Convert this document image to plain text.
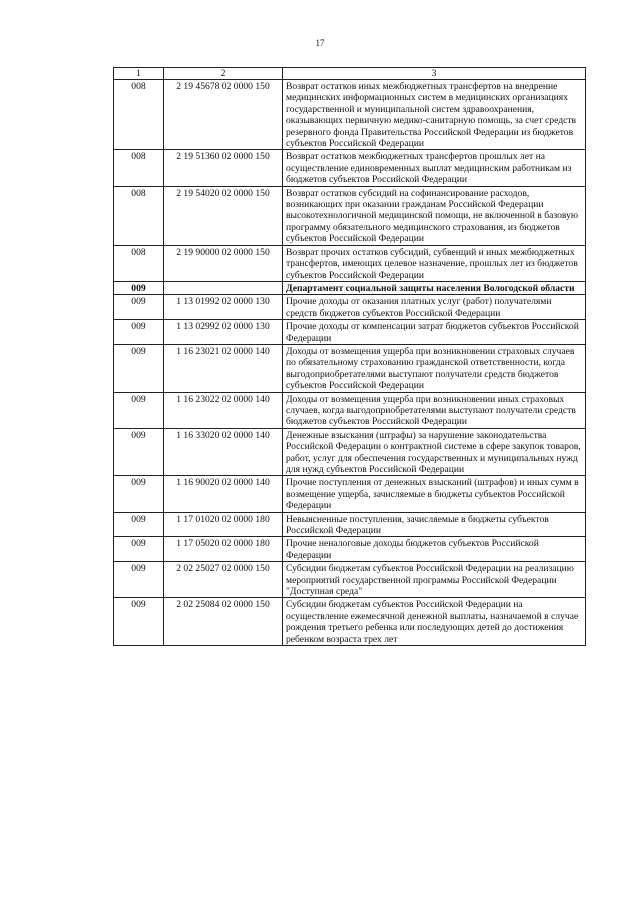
17
1	2	3
008	2 19 45678 02 0000 150	Возврат остатков иных межбюджетных трансфертов на внедрение медицинских информационных систем в медицинских организациях государственной и муниципальной систем здравоохранения, оказывающих первичную медико-санитарную помощь, за счет средств резервного фонда Правительства Российской Федерации из бюджетов субъектов Российской Федерации
008	2 19 51360 02 0000 150	Возврат остатков межбюджетных трансфертов прошлых лет на осуществление единовременных выплат медицинским работникам из бюджетов субъектов Российской Федерации
008	2 19 54020 02 0000 150	Возврат остатков субсидий на софинансирование расходов, возникающих при оказании гражданам Российской Федерации высокотехнологичной медицинской помощи, не включенной в базовую программу обязательного медицинского страхования, из бюджетов субъектов Российской Федерации
008	2 19 90000 02 0000 150	Возврат прочих остатков субсидий, субвенций и иных межбюджетных трансфертов, имеющих целевое назначение, прошлых лет из бюджетов субъектов Российской Федерации
009		Департамент социальной защиты населения Вологодской области
009	1 13 01992 02 0000 130	Прочие доходы от оказания платных услуг (работ) получателями средств бюджетов субъектов Российской Федерации
009	1 13 02992 02 0000 130	Прочие доходы от компенсации затрат бюджетов субъектов Российской Федерации
009	1 16 23021 02 0000 140	Доходы от возмещения ущерба при возникновении страховых случаев по обязательному страхованию гражданской ответственности, когда выгодоприобретателями выступают получатели средств бюджетов субъектов Российской Федерации
009	1 16 23022 02 0000 140	Доходы от возмещения ущерба при возникновении иных страховых случаев, когда выгодоприобретателями выступают получатели средств бюджетов субъектов Российской Федерации
009	1 16 33020 02 0000 140	Денежные взыскания (штрафы) за нарушение законодательства Российской Федерации о контрактной системе в сфере закупок товаров, работ, услуг для обеспечения государственных и муниципальных нужд для нужд субъектов Российской Федерации
009	1 16 90020 02 0000 140	Прочие поступления от денежных взысканий (штрафов) и иных сумм в возмещение ущерба, зачисляемые в бюджеты субъектов Российской Федерации
009	1 17 01020 02 0000 180	Невыясненные поступления, зачисляемые в бюджеты субъектов Российской Федерации
009	1 17 05020 02 0000 180	Прочие неналоговые доходы бюджетов субъектов Российской Федерации
009	2 02 25027 02 0000 150	Субсидии бюджетам субъектов Российской Федерации на реализацию мероприятий государственной программы Российской Федерации "Доступная среда"
009	2 02 25084 02 0000 150	Субсидии бюджетам субъектов Российской Федерации на осуществление ежемесячной денежной выплаты, назначаемой в случае рождения третьего ребенка или последующих детей до достижения ребенком возраста трех лет
